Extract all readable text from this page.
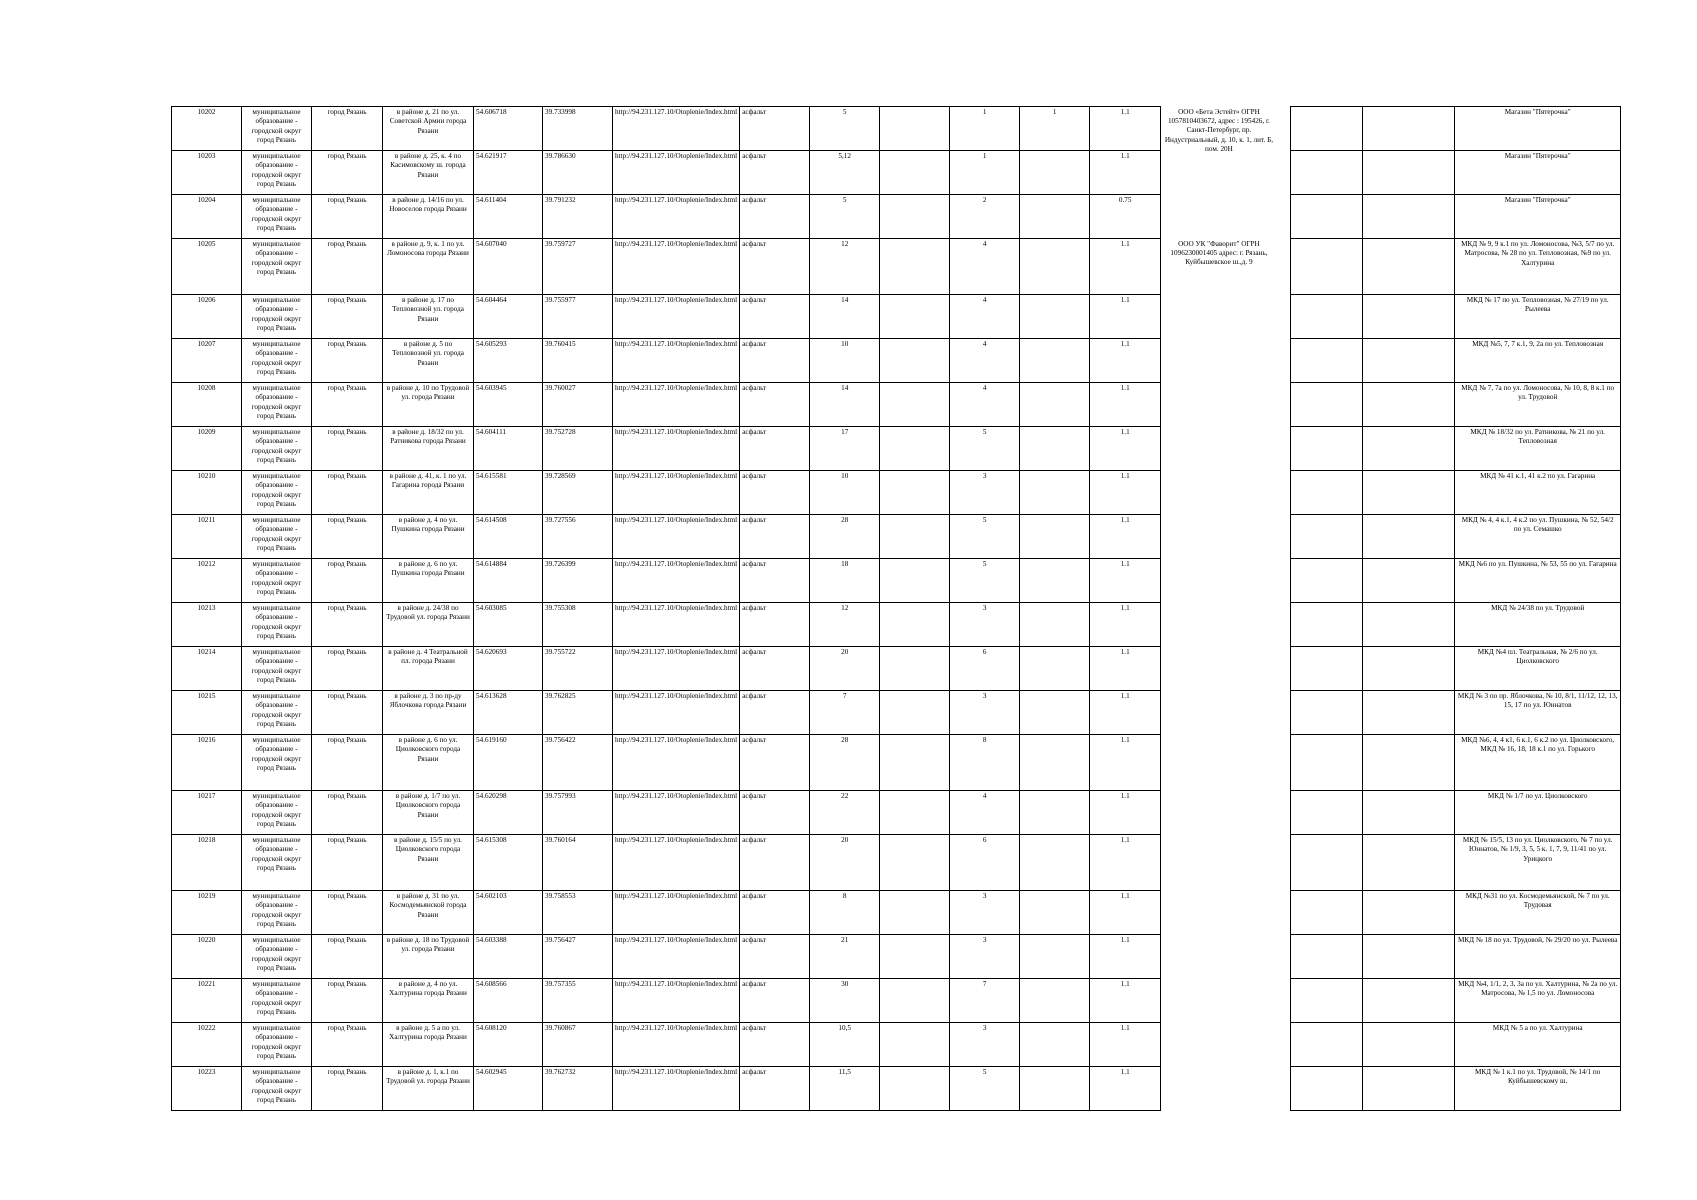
10202	муниципальное образование - городской округ город Рязань	город Рязань	в районе д. 21 по ул. Советской Армии города Рязани	54.606718	39.733998	http://94.231.127.10/Otoplenie/Index.html	асфальт	5		1	1	1.1	ООО «Бета Эстейт» ОГРН 1057810403672, адрес : 195426, г. Санкт-Петербург, пр. Индустриальный, д. 10, к. 1, лит. Б, пом. 20Н				Магазин "Пятерочка"
10203	муниципальное образование - городской округ город Рязань	город Рязань	в районе д. 25, к. 4 по Касимовскому ш. города Рязани	54.621917	39.786630	http://94.231.127.10/Otoplenie/Index.html	асфальт	5,12		1		1.1					Магазин "Пятерочка"
10204	муниципальное образование - городской округ город Рязань	город Рязань	в районе д. 14/16 по ул. Новоселов города Рязани	54.611404	39.791232	http://94.231.127.10/Otoplenie/Index.html	асфальт	5		2		0.75					Магазин "Пятерочка"
10205	муниципальное образование - городской округ город Рязань	город Рязань	в районе д. 9, к. 1 по ул. Ломоносова города Рязани	54.607040	39.759727	http://94.231.127.10/Otoplenie/Index.html	асфальт	12		4		1.1	ООО УК "Фаворит" ОГРН 1096230001405 адрес: г. Рязань, Куйбышевское ш.,д. 9				МКД № 9, 9 к.1 по ул. Ломоносова, №3, 5/7 по ул. Матросова, № 28 по ул. Тепловозная, №9 по ул. Халтурина
10206	муниципальное образование - городской округ город Рязань	город Рязань	в районе д. 17 по Тепловозной ул. города Рязани	54.604464	39.755977	http://94.231.127.10/Otoplenie/Index.html	асфальт	14		4		1.1					МКД № 17 по ул. Тепловозная, № 27/19 по ул. Рылеева
10207	муниципальное образование - городской округ город Рязань	город Рязань	в районе д. 5 по Тепловозной ул. города Рязани	54.605293	39.760415	http://94.231.127.10/Otoplenie/Index.html	асфальт	10		4		1.1					МКД №5, 7, 7 к.1, 9, 2а по ул. Тепловозная
10208	муниципальное образование - городской округ город Рязань	город Рязань	в районе д. 10 по Трудовой ул. города Рязани	54.603945	39.760027	http://94.231.127.10/Otoplenie/Index.html	асфальт	14		4		1.1					МКД № 7, 7а по ул. Ломоносова, № 10, 8, 8 к.1 по ул. Трудовой
10209	муниципальное образование - городской округ город Рязань	город Рязань	в районе д. 18/32 по ул. Ратникова города Рязани	54.604111	39.752728	http://94.231.127.10/Otoplenie/Index.html	асфальт	17		5		1.1					МКД № 18/32 по ул. Ратникова, № 21 по ул. Тепловозная
10210	муниципальное образование - городской округ город Рязань	город Рязань	в районе д. 41, к. 1 по ул. Гагарина города Рязани	54.615581	39.728569	http://94.231.127.10/Otoplenie/Index.html	асфальт	10		3		1.1					МКД № 41 к.1, 41 к.2 по ул. Гагарина
10211	муниципальное образование - городской округ город Рязань	город Рязань	в районе д. 4 по ул. Пушкина города Рязани	54.614508	39.727556	http://94.231.127.10/Otoplenie/Index.html	асфальт	28		5		1.1					МКД № 4, 4 к.1, 4 к.2 по ул. Пушкина, № 52, 54/2 по ул. Семашко
10212	муниципальное образование - городской округ город Рязань	город Рязань	в районе д. 6 по ул. Пушкина города Рязани	54.614884	39.726399	http://94.231.127.10/Otoplenie/Index.html	асфальт	18		5		1.1					МКД №6 по ул. Пушкина, № 53, 55 по ул. Гагарина
10213	муниципальное образование - городской округ город Рязань	город Рязань	в районе д. 24/38 по Трудовой ул. города Рязани	54.603085	39.755308	http://94.231.127.10/Otoplenie/Index.html	асфальт	12		3		1.1					МКД № 24/38 по ул. Трудовой
10214	муниципальное образование - городской округ город Рязань	город Рязань	в районе д. 4 Театральной пл. города Рязани	54.620693	39.755722	http://94.231.127.10/Otoplenie/Index.html	асфальт	20		6		1.1					МКД №4 пл. Театральная, № 2/6 по ул. Циолковского
10215	муниципальное образование - городской округ город Рязань	город Рязань	в районе д. 3 по пр-ду Яблочкова города Рязани	54.613628	39.762825	http://94.231.127.10/Otoplenie/Index.html	асфальт	7		3		1.1					МКД № 3 по пр. Яблочкова, № 10, 8/1, 11/12, 12, 13, 15, 17 по ул. Юннатов
10216	муниципальное образование - городской округ город Рязань	город Рязань	в районе д. 6 по ул. Циолковского города Рязани	54.619160	39.756422	http://94.231.127.10/Otoplenie/Index.html	асфальт	28		8		1.1					МКД №6, 4, 4 к1, 6 к.1, 6 к.2 по ул. Циолковского, МКД № 16, 18, 18 к.1 по ул. Горького
10217	муниципальное образование - городской округ город Рязань	город Рязань	в районе д. 1/7 по ул. Циолковского города Рязани	54.620298	39.757993	http://94.231.127.10/Otoplenie/Index.html	асфальт	22		4		1.1					МКД № 1/7 по ул. Циолковского
10218	муниципальное образование - городской округ город Рязань	город Рязань	в районе д. 15/5 по ул. Циолковского города Рязани	54.615308	39.760164	http://94.231.127.10/Otoplenie/Index.html	асфальт	20		6		1.1					МКД № 15/5, 13 по ул. Циолковского, № 7 по ул. Юннатов, № 1/9, 3, 5, 5 к. 1, 7, 9, 11/41 по ул. Урицкого
10219	муниципальное образование - городской округ город Рязань	город Рязань	в районе д. 31 по ул. Космодемьянской города Рязани	54.602103	39.758553	http://94.231.127.10/Otoplenie/Index.html	асфальт	8		3		1.1					МКД №31 по ул. Космодемьянской, № 7 по ул. Трудовая
10220	муниципальное образование - городской округ город Рязань	город Рязань	в районе д. 18 по Трудовой ул. города Рязани	54.603388	39.756427	http://94.231.127.10/Otoplenie/Index.html	асфальт	21		3		1.1					МКД № 18 по ул. Трудовой, № 29/20 по ул. Рылеева
10221	муниципальное образование - городской округ город Рязань	город Рязань	в районе д. 4 по ул. Халтурина города Рязани	54.608566	39.757355	http://94.231.127.10/Otoplenie/Index.html	асфальт	30		7		1.1					МКД №4, 1/1, 2, 3, 3а по ул. Халтурина, № 2а по ул. Матросова, № 1,5 по ул. Ломоносова
10222	муниципальное образование - городской округ город Рязань	город Рязань	в районе д. 5 а по ул. Халтурина города Рязани	54.608120	39.760867	http://94.231.127.10/Otoplenie/Index.html	асфальт	10,5		3		1.1					МКД № 5 а по ул. Халтурина
10223	муниципальное образование - городской округ город Рязань	город Рязань	в районе д. 1, к.1 по Трудовой ул. города Рязани	54.602945	39.762732	http://94.231.127.10/Otoplenie/Index.html	асфальт	11,5		5		1.1					МКД № 1 к.1 по ул. Трудовой, № 14/1 по Куйбышевскому ш.
